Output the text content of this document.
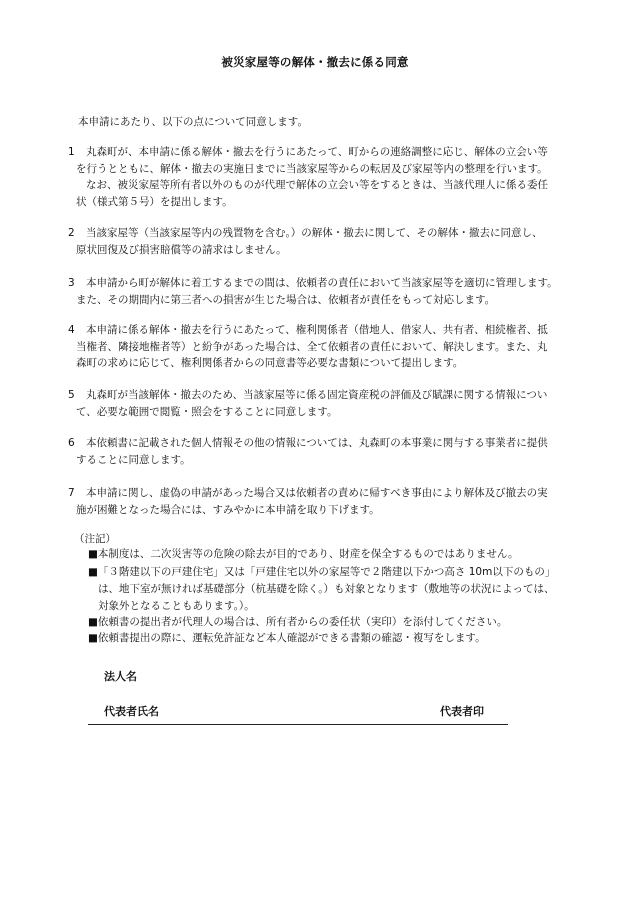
被災家屋等の解体・撤去に係る同意
本申請にあたり、以下の点について同意します。
1 丸森町が、本申請に係る解体・撤去を行うにあたって、町からの連絡調整に応じ、解体の立会い等
を行うとともに、解体・撤去の実施日までに当該家屋等からの転居及び家屋等内の整理を行います。
なお、被災家屋等所有者以外のものが代理で解体の立会い等をするときは、当該代理人に係る委任
状（様式第５号）を提出します。
2 当該家屋等（当該家屋等内の残置物を含む。）の解体・撤去に関して、その解体・撤去に同意し、
原状回復及び損害賠償等の請求はしません。
3 本申請から町が解体に着工するまでの間は、依頼者の責任において当該家屋等を適切に管理します。
また、その期間内に第三者への損害が生じた場合は、依頼者が責任をもって対応します。
4 本申請に係る解体・撤去を行うにあたって、権利関係者（借地人、借家人、共有者、相続権者、抵
当権者、隣接地権者等）と紛争があった場合は、全て依頼者の責任において、解決します。また、丸
森町の求めに応じて、権利関係者からの同意書等必要な書類について提出します。
5 丸森町が当該解体・撤去のため、当該家屋等に係る固定資産税の評価及び賦課に関する情報につい
て、必要な範囲で閲覧・照会をすることに同意します。
6 本依頼書に記載された個人情報その他の情報については、丸森町の本事業に関与する事業者に提供
することに同意します。
7 本申請に関し、虚偽の申請があった場合又は依頼者の責めに帰すべき事由により解体及び撤去の実
施が困難となった場合には、すみやかに本申請を取り下げます。
（注記）
■本制度は、二次災害等の危険の除去が目的であり、財産を保全するものではありません。
■「３階建以下の戸建住宅」又は「戸建住宅以外の家屋等で２階建以下かつ高さ 10m以下のもの」
は、地下室が無ければ基礎部分（杭基礎を除く。）も対象となります（敷地等の状況によっては、
対象外となることもあります。）。
■依頼書の提出者が代理人の場合は、所有者からの委任状（実印）を添付してください。
■依頼書提出の際に、運転免許証など本人確認ができる書類の確認・複写をします。
法人名
代表者氏名	代表者印
